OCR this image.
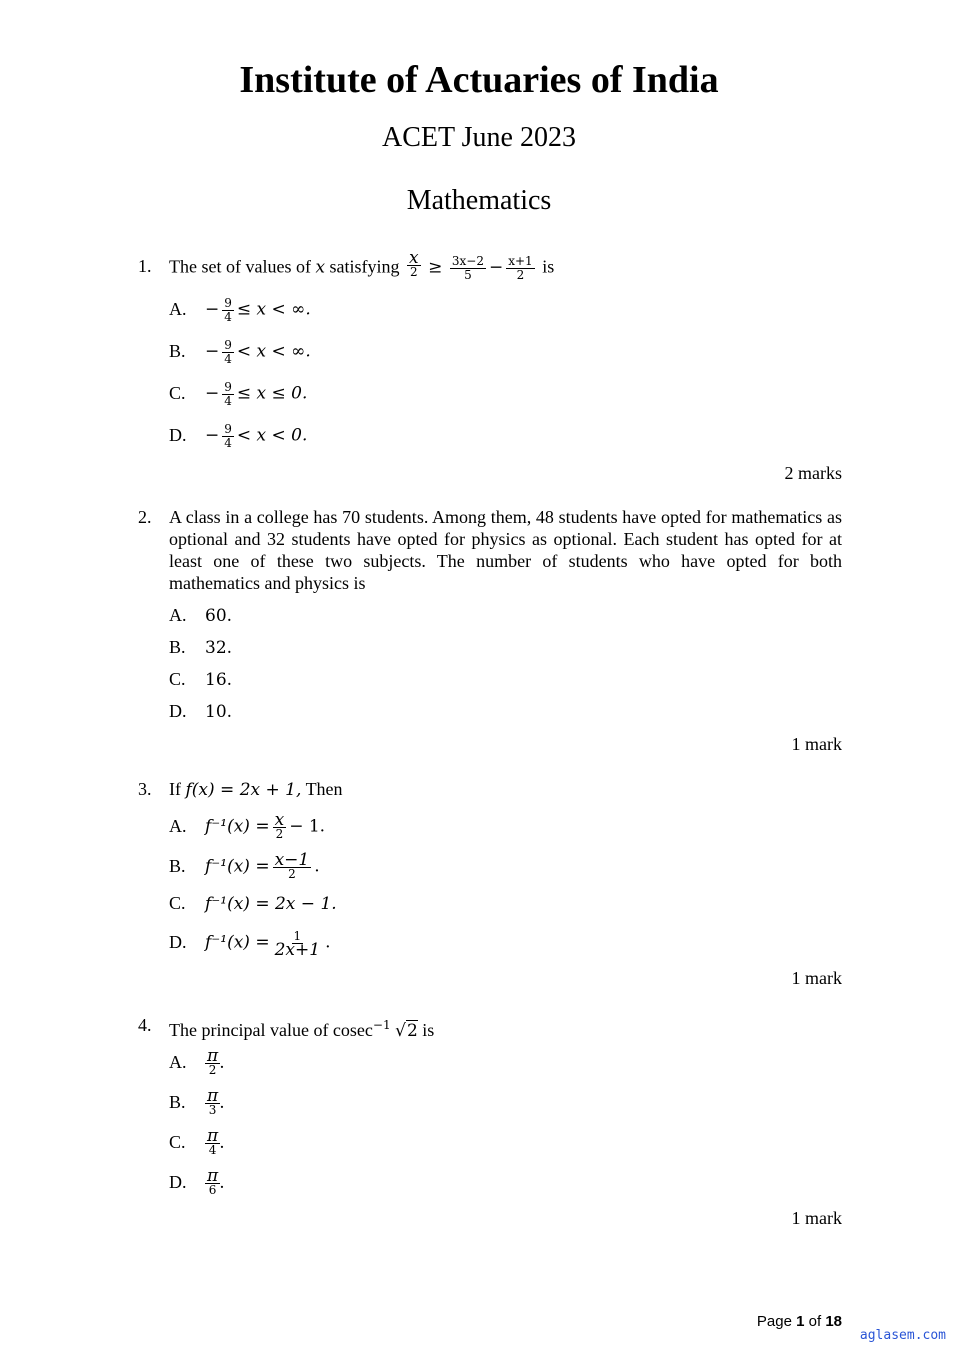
Institute of Actuaries of India
ACET June 2023
Mathematics
1. The set of values of x satisfying $\frac{x}{2} \ge \frac{3x-2}{5} - \frac{x+1}{2}$ is
A. − $\frac{9}{4} \le x$ < ∞.
B. − $\frac{9}{4} < x$ < ∞.
C. − $\frac{9}{4} \le x \le 0$.
D. − $\frac{9}{4} < x < 0$.
2 marks
2. A class in a college has 70 students. Among them, 48 students have opted for mathematics as optional and 32 students have opted for physics as optional. Each student has opted for at least one of these two subjects. The number of students who have opted for both mathematics and physics is
A. 60.
B. 32.
C. 16.
D. 10.
1 mark
3. If f(x) = 2x + 1, Then
A. $f^{-1}(x) = \frac{x}{2} - 1$.
B. $f^{-1}(x) = \frac{x-1}{2}$ .
C. f⁻¹(x) = 2x − 1.
D. $f^{-1}(x) = \frac{1}{2x+1}$ .
1 mark
4. The principal value of cosec$^{-1}$ √2 is
A. $\frac{\pi}{2}$ .
B. $\frac{\pi}{3}$ .
C. $\frac{\pi}{4}$ .
D. $\frac{\pi}{6}$ .
1 mark
Page 1 of 18
aglasem.com
